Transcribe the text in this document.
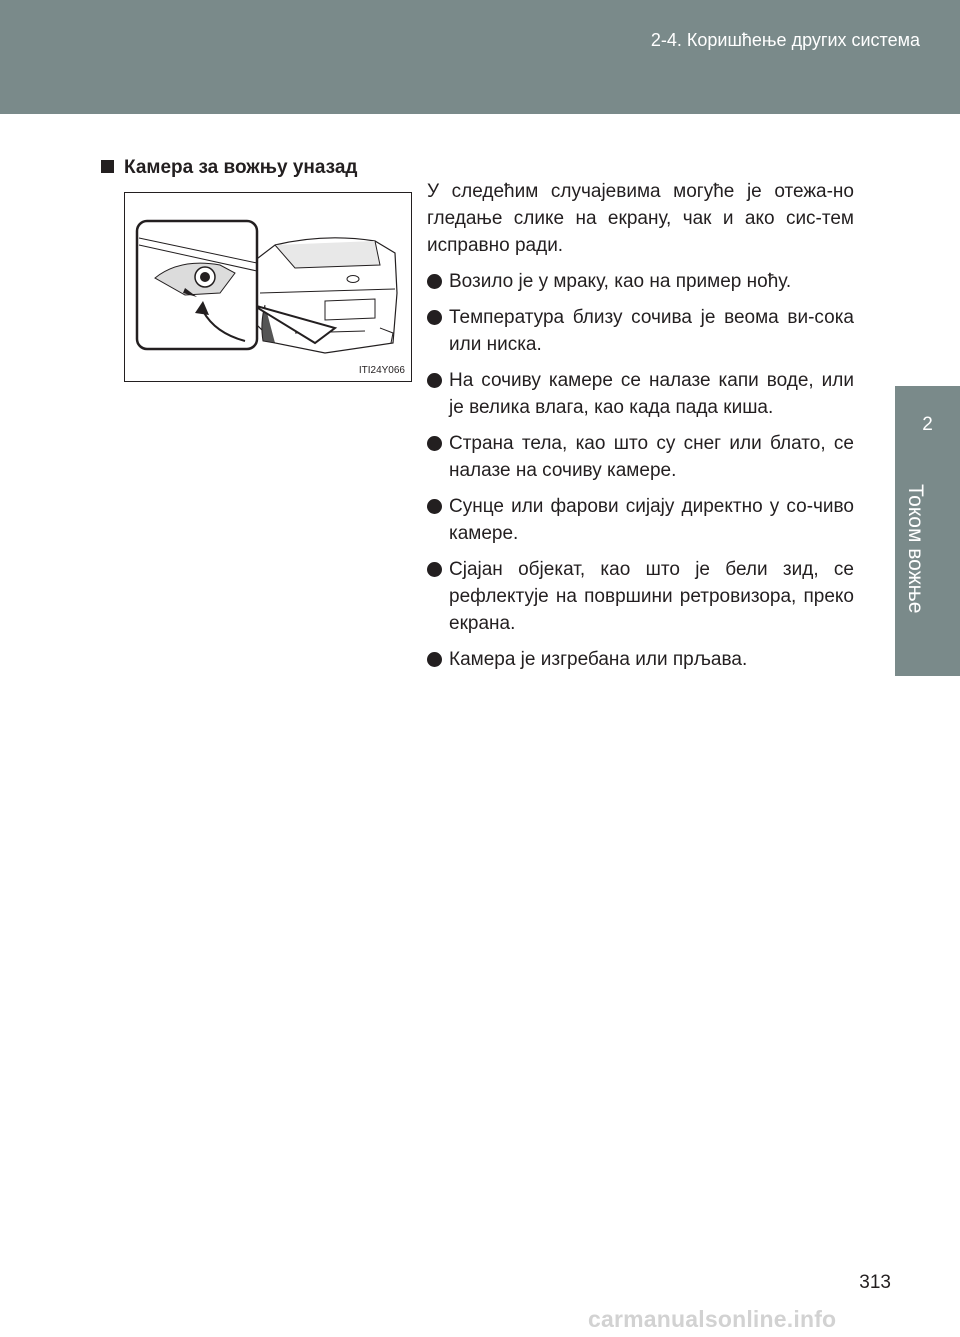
2-4. Коришћење других система
2
Током вожње
Камера за вожњу уназад
ITI24Y066

У следећим случајевима могуће је отежа-но гледање слике на екрану, чак и ако сис-тем исправно ради.

Возило је у мраку, као на пример ноћу.
Температура близу сочива је веома ви-сока или ниска.
На сочиву камере се налазе капи воде, или је велика влага, као када пада киша.
Страна тела, као што су снег или блато, се налазе на сочиву камере.
Сунце или фарови сијају директно у со-чиво камере.
Сјајан објекат, као што је бели зид, се рефлектује на површини ретровизора, преко екрана.
Камера је изгребана или прљава.
313
carmanualsonline.info
